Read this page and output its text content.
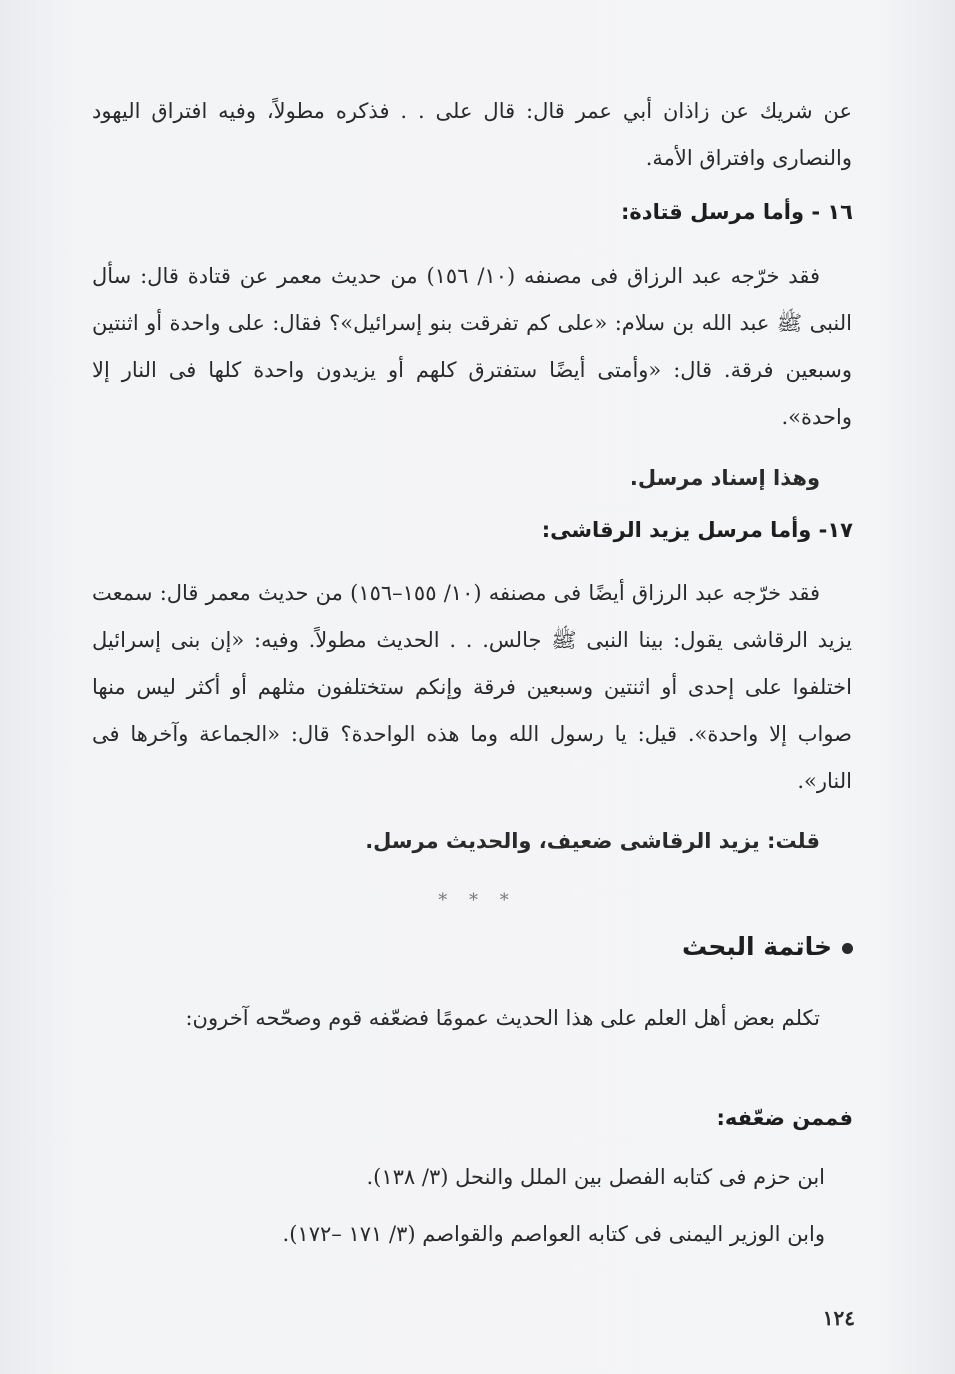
عن شريك عن زاذان أبي عمر قال: قال على . . فذكره مطولاً، وفيه افتراق اليهود والنصارى وافتراق الأمة.
١٦ - وأما مرسل قتادة:
فقد خرّجه عبد الرزاق فى مصنفه (١٠/ ١٥٦) من حديث معمر عن قتادة قال: سأل النبى ﷺ عبد الله بن سلام: «على كم تفرقت بنو إسرائيل»؟ فقال: على واحدة أو اثنتين وسبعين فرقة. قال: «وأمتى أيضًا ستفترق كلهم أو يزيدون واحدة كلها فى النار إلا واحدة».
وهذا إسناد مرسل.
١٧- وأما مرسل يزيد الرقاشى:
فقد خرّجه عبد الرزاق أيضًا فى مصنفه (١٠/ ١٥٥–١٥٦) من حديث معمر قال: سمعت يزيد الرقاشى يقول: بينا النبى ﷺ جالس. . . الحديث مطولاً. وفيه: «إن بنى إسرائيل اختلفوا على إحدى أو اثنتين وسبعين فرقة وإنكم ستختلفون مثلهم أو أكثر ليس منها صواب إلا واحدة». قيل: يا رسول الله وما هذه الواحدة؟ قال: «الجماعة وآخرها فى النار».
قلت: يزيد الرقاشى ضعيف، والحديث مرسل.
* * *
خاتمة البحث
تكلم بعض أهل العلم على هذا الحديث عمومًا فضعّفه قوم وصحّحه آخرون:
فممن ضعّفه:
ابن حزم فى كتابه الفصل بين الملل والنحل (٣/ ١٣٨).
وابن الوزير اليمنى فى كتابه العواصم والقواصم (٣/ ١٧١ –١٧٢).
١٢٤
